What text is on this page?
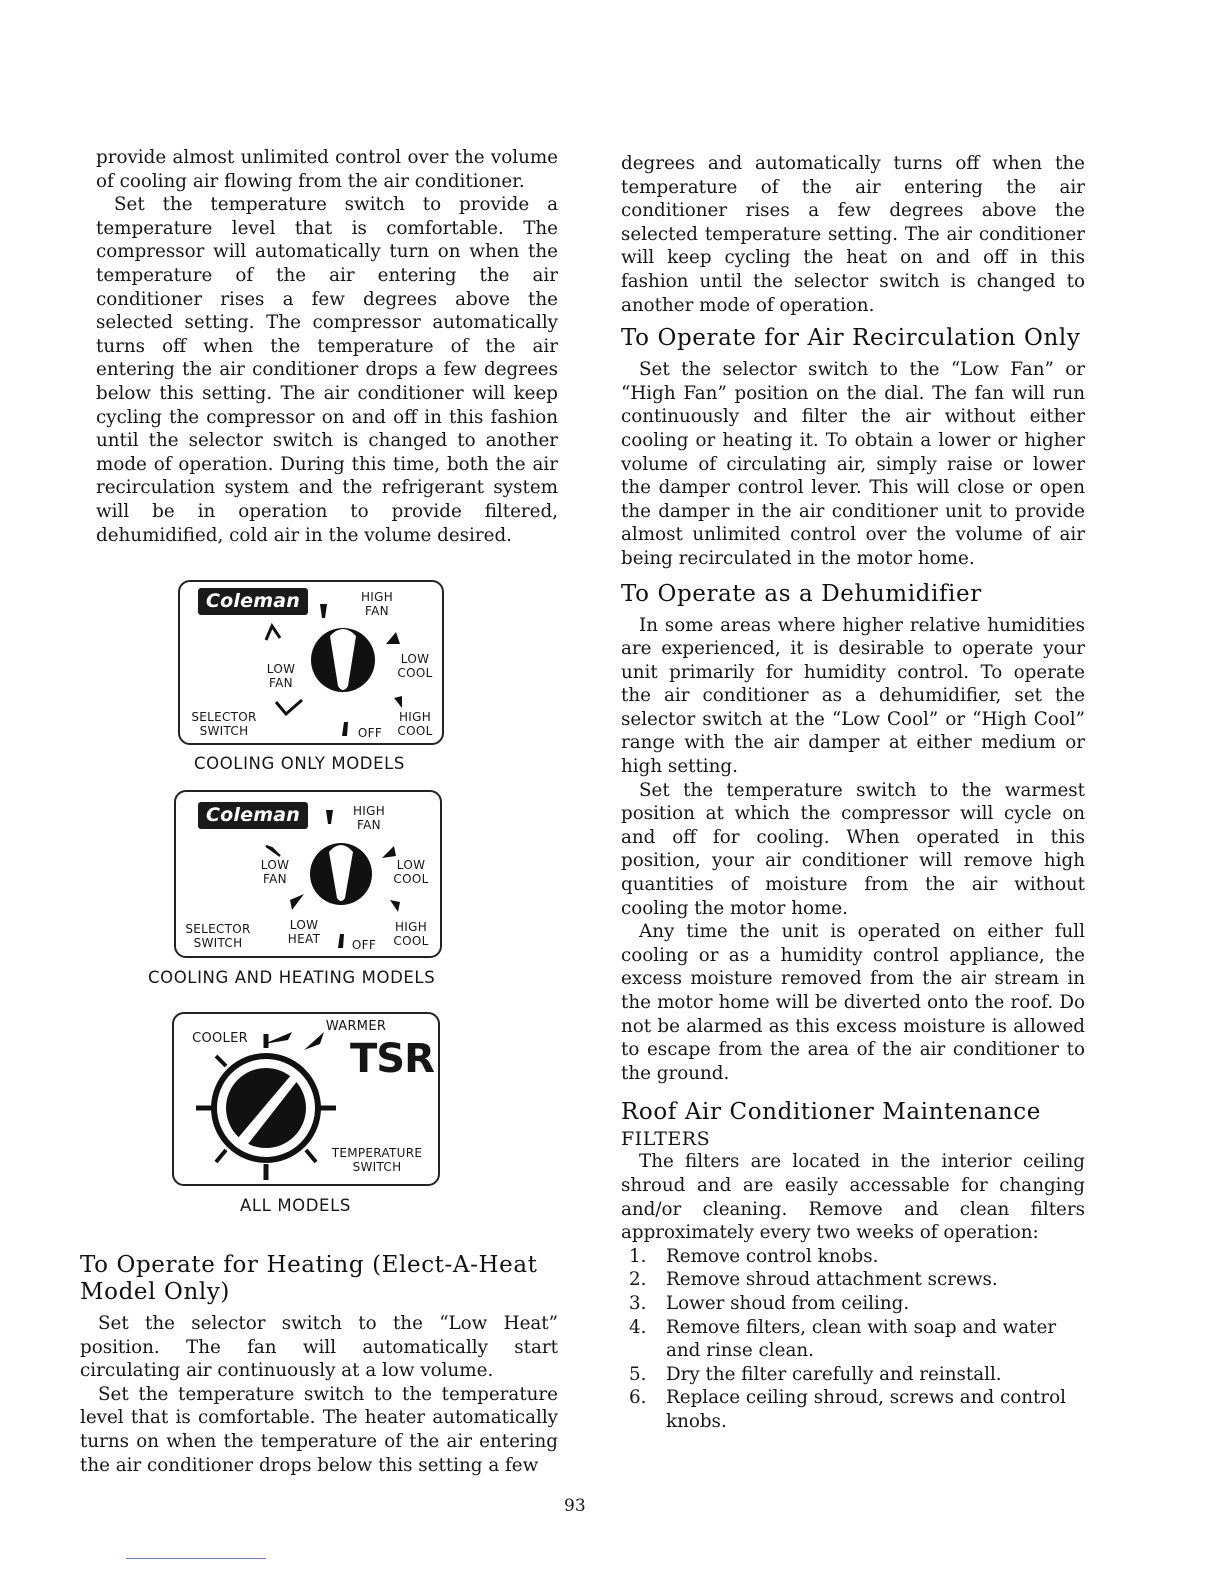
provide almost unlimited control over the volume of cooling air flowing from the air conditioner.

Set the temperature switch to provide a temperature level that is comfortable. The compressor will automatically turn on when the temperature of the air entering the air conditioner rises a few degrees above the selected setting. The compressor automatically turns off when the temperature of the air entering the air conditioner drops a few degrees below this setting. The air conditioner will keep cycling the compressor on and off in this fashion until the selector switch is changed to another mode of operation. During this time, both the air recirculation system and the refrigerant system will be in operation to provide filtered, dehumidified, cold air in the volume desired.

Coleman	HIGH FAN
LOW FAN
LOW COOL
HIGH COOL
OFF
SELECTOR SWITCH
COOLING ONLY MODELS
Coleman	HIGH FAN
LOW FAN
LOW COOL
HIGH COOL
LOW HEAT	OFF
SELECTOR SWITCH
COOLING AND HEATING MODELS
COOLER
WARMER
TSR
TEMPERATURE SWITCH
ALL MODELS
To Operate for Heating (Elect-A-Heat Model Only)

Set the selector switch to the “Low Heat” position. The fan will automatically start circulating air continuously at a low volume.

Set the temperature switch to the temperature level that is comfortable. The heater automatically turns on when the temperature of the air entering the air conditioner drops below this setting a few

degrees and automatically turns off when the temperature of the air entering the air conditioner rises a few degrees above the selected temperature setting. The air conditioner will keep cycling the heat on and off in this fashion until the selector switch is changed to another mode of operation.

To Operate for Air Recirculation Only

Set the selector switch to the “Low Fan” or “High Fan” position on the dial. The fan will run continuously and filter the air without either cooling or heating it. To obtain a lower or higher volume of circulating air, simply raise or lower the damper control lever. This will close or open the damper in the air conditioner unit to provide almost unlimited control over the volume of air being recirculated in the motor home.

To Operate as a Dehumidifier

In some areas where higher relative humidities are experienced, it is desirable to operate your unit primarily for humidity control. To operate the air conditioner as a dehumidifier, set the selector switch at the “Low Cool” or “High Cool” range with the air damper at either medium or high setting.

Set the temperature switch to the warmest position at which the compressor will cycle on and off for cooling. When operated in this position, your air conditioner will remove high quantities of moisture from the air without cooling the motor home.

Any time the unit is operated on either full cooling or as a humidity control appliance, the excess moisture removed from the air stream in the motor home will be diverted onto the roof. Do not be alarmed as this excess moisture is allowed to escape from the area of the air conditioner to the ground.

Roof Air Conditioner Maintenance
FILTERS

The filters are located in the interior ceiling shroud and are easily accessable for changing and/or cleaning. Remove and clean filters approximately every two weeks of operation:

1. Remove control knobs.
2. Remove shroud attachment screws.
3. Lower shoud from ceiling.
4. Remove filters, clean with soap and water and rinse clean.
5. Dry the filter carefully and reinstall.
6. Replace ceiling shroud, screws and control knobs.
93
